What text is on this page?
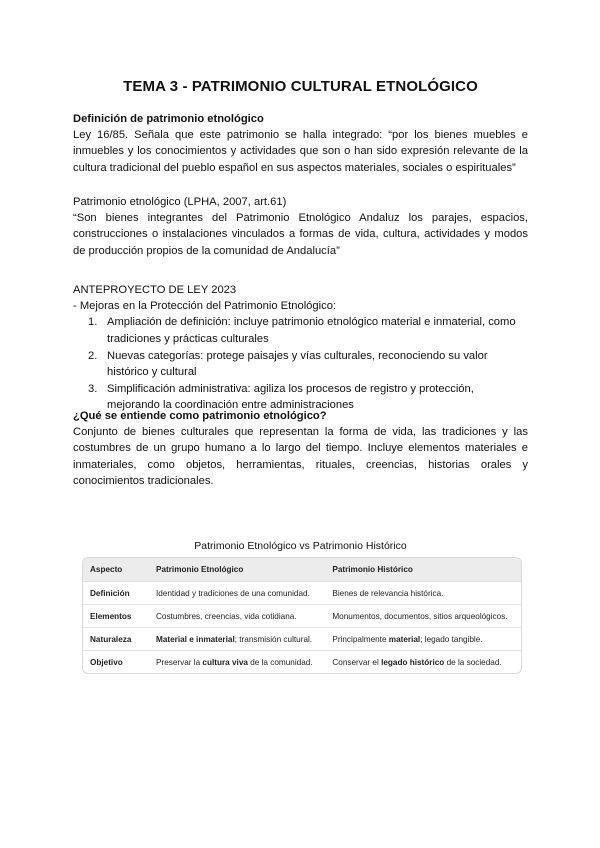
TEMA 3 - PATRIMONIO CULTURAL ETNOLÓGICO
Definición de patrimonio etnológico
Ley 16/85. Señala que este patrimonio se halla integrado: “por los bienes muebles e inmuebles y los conocimientos y actividades que son o han sido expresión relevante de la cultura tradicional del pueblo español en sus aspectos materiales, sociales o espirituales”
Patrimonio etnológico (LPHA, 2007, art.61)
“Son bienes integrantes del Patrimonio Etnológico Andaluz los parajes, espacios, construcciones o instalaciones vinculados a formas de vida, cultura, actividades y modos de producción propios de la comunidad de Andalucía”
ANTEPROYECTO DE LEY 2023
- Mejoras en la Protección del Patrimonio Etnológico:
1. Ampliación de definición: incluye patrimonio etnológico material e inmaterial, como tradiciones y prácticas culturales
2. Nuevas categorías: protege paisajes y vías culturales, reconociendo su valor histórico y cultural
3. Simplificación administrativa: agiliza los procesos de registro y protección, mejorando la coordinación entre administraciones
¿Qué se entiende como patrimonio etnológico?
Conjunto de bienes culturales que representan la forma de vida, las tradiciones y las costumbres de un grupo humano a lo largo del tiempo. Incluye elementos materiales e inmateriales, como objetos, herramientas, rituales, creencias, historias orales y conocimientos tradicionales.
Patrimonio Etnológico vs Patrimonio Histórico
Aspecto	Patrimonio Etnológico	Patrimonio Histórico
Definición	Identidad y tradiciones de una comunidad.	Bienes de relevancia histórica.
Elementos	Costumbres, creencias, vida cotidiana.	Monumentos, documentos, sitios arqueológicos.
Naturaleza	Material e inmaterial; transmisión cultural.	Principalmente material; legado tangible.
Objetivo	Preservar la cultura viva de la comunidad.	Conservar el legado histórico de la sociedad.
